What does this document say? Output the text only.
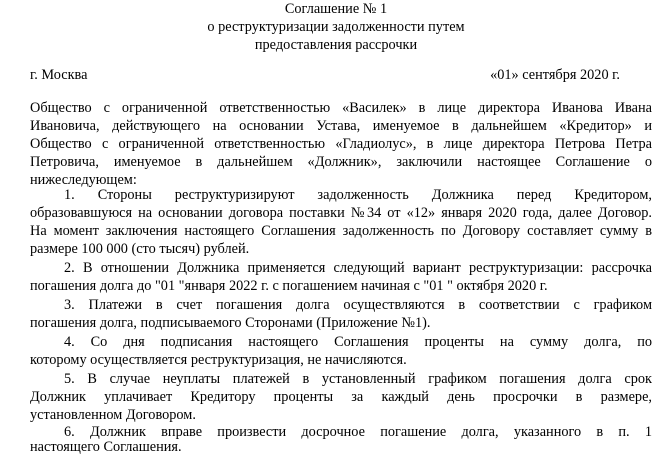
Соглашение № 1
о реструктуризации задолженности путем
предоставления рассрочки
г. Москва	«01» сентября 2020 г.
Общество с ограниченной ответственностью «Василек» в лице директора Иванова Ивана
Ивановича, действующего на основании Устава, именуемое в дальнейшем «Кредитор» и
Общество с ограниченной ответственностью «Гладиолус», в лице директора Петрова Петра
Петровича, именуемое в дальнейшем «Должник», заключили настоящее Соглашение о
нижеследующем:
1. Стороны реструктуризируют задолженность Должника перед Кредитором,
образовавшуюся на основании договора поставки №34 от «12» января 2020 года, далее Договор.
На момент заключения настоящего Соглашения задолженность по Договору составляет сумму в
размере 100 000 (сто тысяч) рублей.
2. В отношении Должника применяется следующий вариант реструктуризации: рассрочка
погашения долга до "01 "января 2022 г. с погашением начиная с "01 " октября 2020 г.
3. Платежи в счет погашения долга осуществляются в соответствии с графиком
погашения долга, подписываемого Сторонами (Приложение №1).
4. Со дня подписания настоящего Соглашения проценты на сумму долга, по
которому осуществляется реструктуризация, не начисляются.
5. В случае неуплаты платежей в установленный графиком погашения долга срок
Должник уплачивает Кредитору проценты за каждый день просрочки в размере,
установленном Договором.
6. Должник вправе произвести досрочное погашение долга, указанного в п. 1
настоящего Соглашения.
